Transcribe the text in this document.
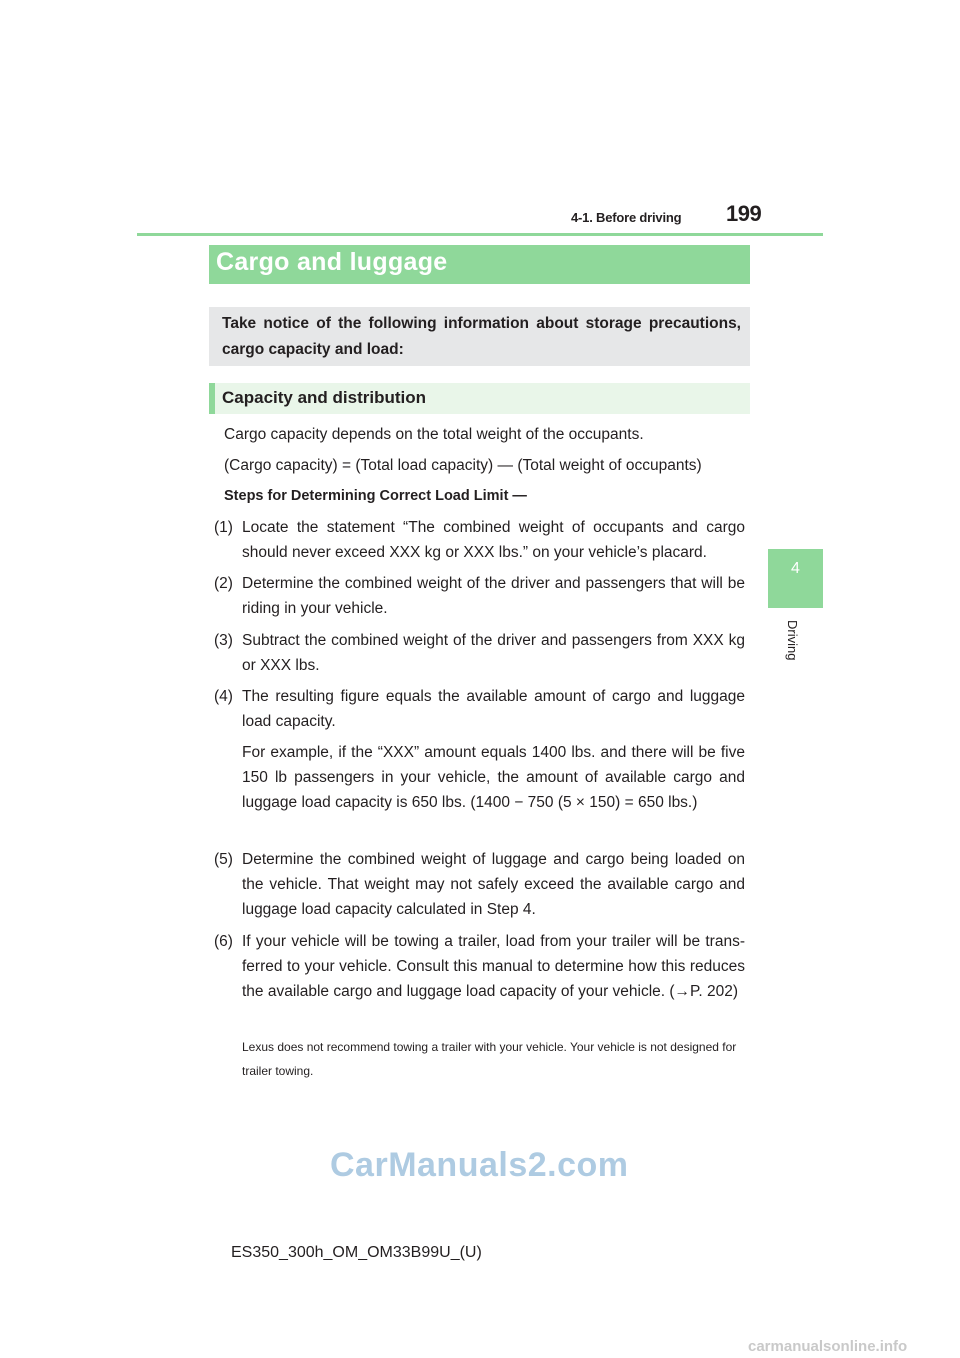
4-1. Before driving 199
4
Driving
Cargo and luggage
Take notice of the following information about storage precautions, cargo capacity and load:
Capacity and distribution
Cargo capacity depends on the total weight of the occupants.
(Cargo capacity) = (Total load capacity) — (Total weight of occupants)
Steps for Determining Correct Load Limit —
(1) Locate the statement “The combined weight of occupants and cargo should never exceed XXX kg or XXX lbs.” on your vehicle’s placard.
(2) Determine the combined weight of the driver and passengers that will be riding in your vehicle.
(3) Subtract the combined weight of the driver and passengers from XXX kg or XXX lbs.
(4) The resulting figure equals the available amount of cargo and luggage load capacity.
For example, if the “XXX” amount equals 1400 lbs. and there will be five 150 lb passengers in your vehicle, the amount of available cargo and luggage load capacity is 650 lbs. (1400 − 750 (5 × 150) = 650 lbs.)
(5) Determine the combined weight of luggage and cargo being loaded on the vehicle. That weight may not safely exceed the available cargo and luggage load capacity calculated in Step 4.
(6) If your vehicle will be towing a trailer, load from your trailer will be trans-ferred to your vehicle. Consult this manual to determine how this reduces the available cargo and luggage load capacity of your vehicle. (→P. 202)
Lexus does not recommend towing a trailer with your vehicle. Your vehicle is not designed for trailer towing.
CarManuals2.com
ES350_300h_OM_OM33B99U_(U)
carmanualsonline.info
